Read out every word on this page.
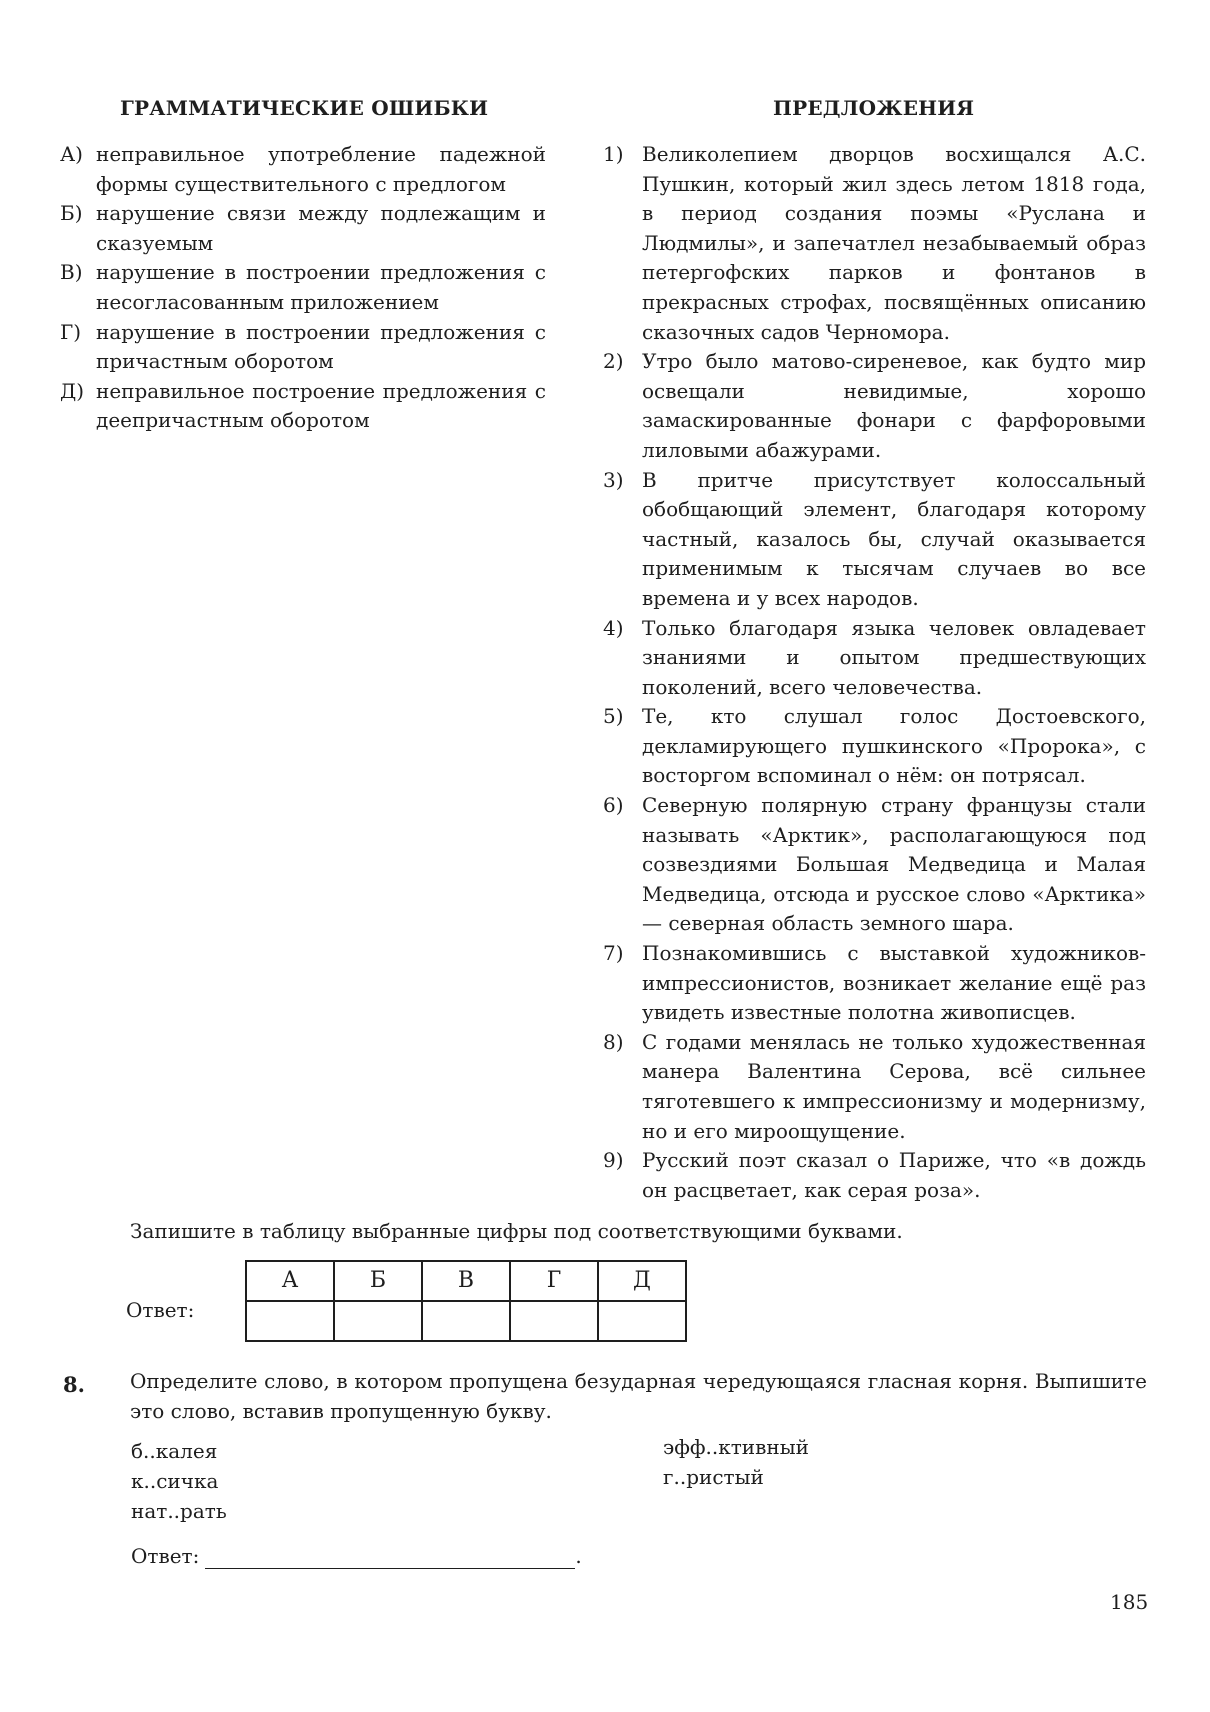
ГРАММАТИЧЕСКИЕ ОШИБКИ	ПРЕДЛОЖЕНИЯ
А) неправильное употребление падежной формы существительного с предлогом
Б) нарушение связи между подлежащим и сказуемым
В) нарушение в построении предложения с несогласованным приложением
Г) нарушение в построении предложения с причастным оборотом
Д) неправильное построение предложения с деепричастным оборотом
1) Великолепием дворцов восхищался А.С. Пушкин, который жил здесь летом 1818 года, в период создания поэмы «Руслана и Людмилы», и запечатлел незабываемый образ петергофских парков и фонтанов в прекрасных строфах, посвящённых описанию сказочных садов Черномора.
2) Утро было матово-сиреневое, как будто мир освещали невидимые, хорошо замаскированные фонари с фарфоровыми лиловыми абажурами.
3) В притче присутствует колоссальный обобщающий элемент, благодаря которому частный, казалось бы, случай оказывается применимым к тысячам случаев во все времена и у всех народов.
4) Только благодаря языка человек овладевает знаниями и опытом предшествующих поколений, всего человечества.
5) Те, кто слушал голос Достоевского, декламирующего пушкинского «Пророка», с восторгом вспоминал о нём: он потрясал.
6) Северную полярную страну французы стали называть «Арктик», располагающуюся под созвездиями Большая Медведица и Малая Медведица, отсюда и русское слово «Арктика» — северная область земного шара.
7) Познакомившись с выставкой художников-импрессионистов, возникает желание ещё раз увидеть известные полотна живописцев.
8) С годами менялась не только художественная манера Валентина Серова, всё сильнее тяготевшего к импрессионизму и модернизму, но и его мироощущение.
9) Русский поэт сказал о Париже, что «в дождь он расцветает, как серая роза».

Запишите в таблицу выбранные цифры под соответствующими буквами.

Ответ:
А	Б	В	Г	Д

8. Определите слово, в котором пропущена безударная чередующаяся гласная корня. Выпишите это слово, вставив пропущенную букву.

б..калея
к..сичка
нат..рать
эфф..ктивный
г..ристый
Ответ:	.
185
